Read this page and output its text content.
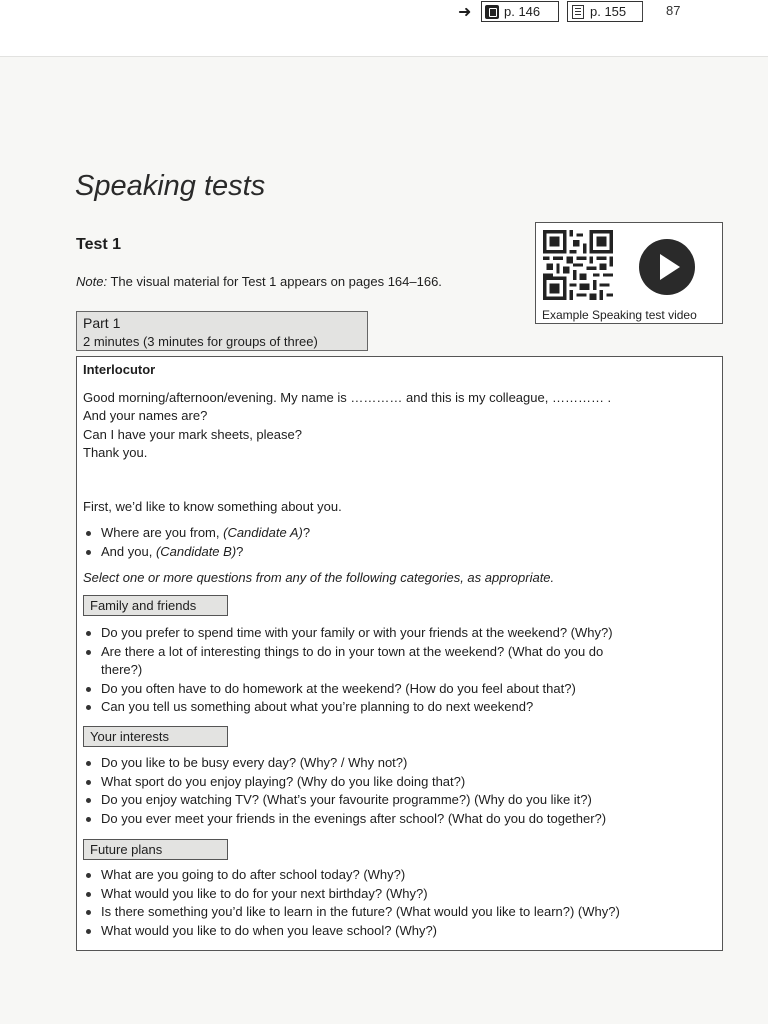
➜	p. 146	p. 155	87
Speaking tests
Test 1
Note: The visual material for Test 1 appears on pages 164–166.
Example Speaking test video
Part 1
2 minutes (3 minutes for groups of three)
Interlocutor
Good morning/afternoon/evening. My name is ………… and this is my colleague, ………… .
And your names are?
Can I have your mark sheets, please?
Thank you.
First, we’d like to know something about you.
Where are you from, (Candidate A)?
And you, (Candidate B)?
Select one or more questions from any of the following categories, as appropriate.
Family and friends
Do you prefer to spend time with your family or with your friends at the weekend? (Why?)
Are there a lot of interesting things to do in your town at the weekend? (What do you do
there?)
Do you often have to do homework at the weekend? (How do you feel about that?)
Can you tell us something about what you’re planning to do next weekend?
Your interests
Do you like to be busy every day? (Why? / Why not?)
What sport do you enjoy playing? (Why do you like doing that?)
Do you enjoy watching TV? (What’s your favourite programme?) (Why do you like it?)
Do you ever meet your friends in the evenings after school? (What do you do together?)
Future plans
What are you going to do after school today? (Why?)
What would you like to do for your next birthday? (Why?)
Is there something you’d like to learn in the future? (What would you like to learn?) (Why?)
What would you like to do when you leave school? (Why?)
